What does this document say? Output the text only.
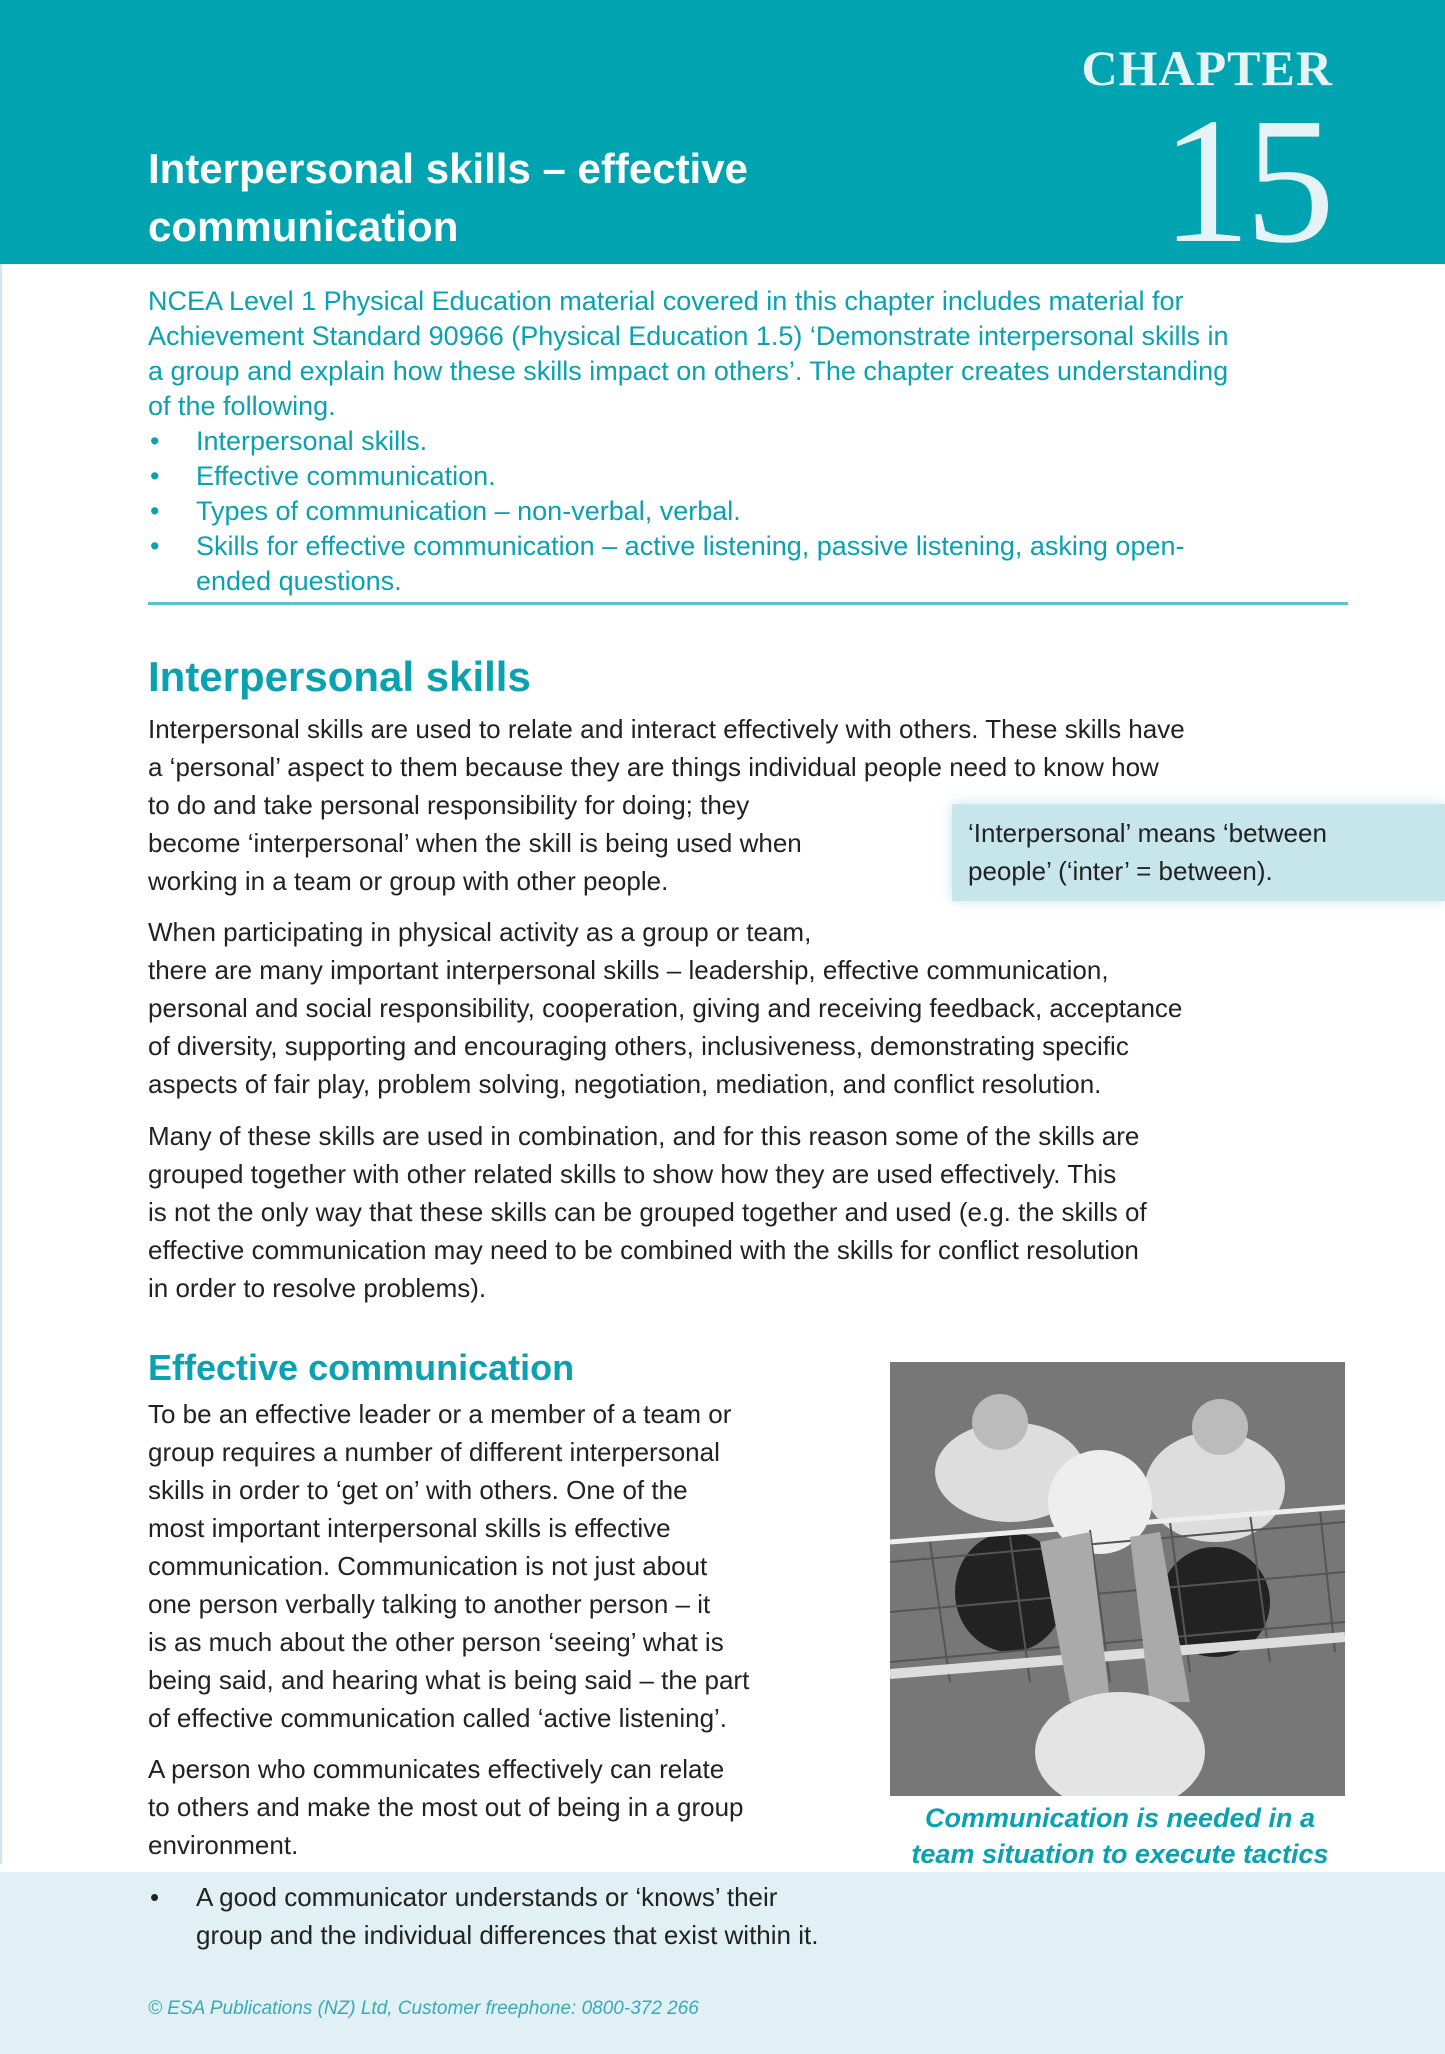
Interpersonal skills – effective
communication
CHAPTER
15
NCEA Level 1 Physical Education material covered in this chapter includes material for
Achievement Standard 90966 (Physical Education 1.5) ‘Demonstrate interpersonal skills in
a group and explain how these skills impact on others’. The chapter creates understanding
of the following.
• Interpersonal skills.
• Effective communication.
• Types of communication – non-verbal, verbal.
• Skills for effective communication – active listening, passive listening, asking open-
ended questions.
Interpersonal skills
Interpersonal skills are used to relate and interact effectively with others. These skills have
a ‘personal’ aspect to them because they are things individual people need to know how
to do and take personal responsibility for doing; they
become ‘interpersonal’ when the skill is being used when
working in a team or group with other people.
‘Interpersonal’ means ‘between
people’ (‘inter’ = between).
When participating in physical activity as a group or team,
there are many important interpersonal skills – leadership, effective communication,
personal and social responsibility, cooperation, giving and receiving feedback, acceptance
of diversity, supporting and encouraging others, inclusiveness, demonstrating specific
aspects of fair play, problem solving, negotiation, mediation, and conflict resolution.
Many of these skills are used in combination, and for this reason some of the skills are
grouped together with other related skills to show how they are used effectively. This
is not the only way that these skills can be grouped together and used (e.g. the skills of
effective communication may need to be combined with the skills for conflict resolution
in order to resolve problems).
Effective communication
To be an effective leader or a member of a team or
group requires a number of different interpersonal
skills in order to ‘get on’ with others. One of the
most important interpersonal skills is effective
communication. Communication is not just about
one person verbally talking to another person – it
is as much about the other person ‘seeing’ what is
being said, and hearing what is being said – the part
of effective communication called ‘active listening’.
A person who communicates effectively can relate
to others and make the most out of being in a group
environment.
Communication is needed in a
team situation to execute tactics
• A good communicator understands or ‘knows’ their
group and the individual differences that exist within it.
© ESA Publications (NZ) Ltd, Customer freephone: 0800-372 266
